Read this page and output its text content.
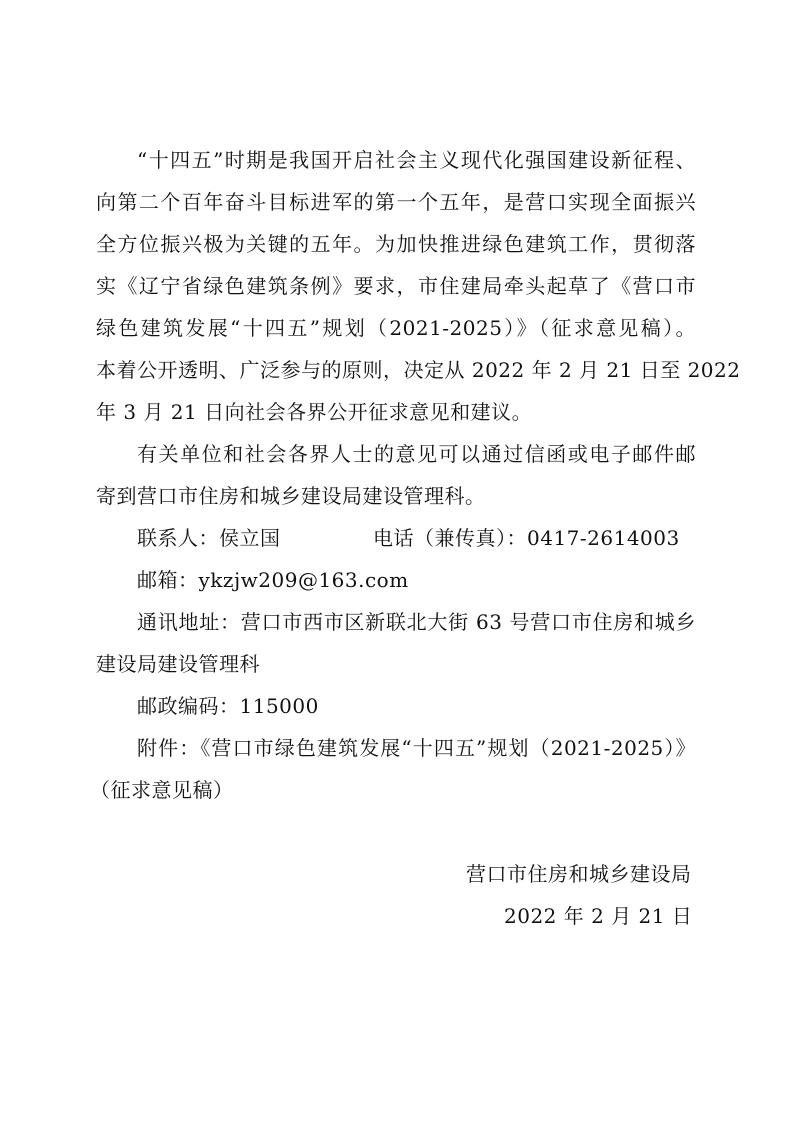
“十四五”时期是我国开启社会主义现代化强国建设新征程、
向第二个百年奋斗目标进军的第一个五年，是营口实现全面振兴
全方位振兴极为关键的五年。为加快推进绿色建筑工作，贯彻落
实《辽宁省绿色建筑条例》要求，市住建局牵头起草了《营口市
绿色建筑发展“十四五”规划（2021-2025）》（征求意见稿）。
本着公开透明、广泛参与的原则，决定从 2022 年 2 月 21 日至 2022
年 3 月 21 日向社会各界公开征求意见和建议。
有关单位和社会各界人士的意见可以通过信函或电子邮件邮
寄到营口市住房和城乡建设局建设管理科。
联系人：侯立国	电话（兼传真）：0417-2614003
邮箱：ykzjw209@163.com
通讯地址：营口市西市区新联北大街 63 号营口市住房和城乡
建设局建设管理科
邮政编码：115000
附件：《营口市绿色建筑发展“十四五”规划（2021-2025）》
（征求意见稿）
营口市住房和城乡建设局
2022 年 2 月 21 日
